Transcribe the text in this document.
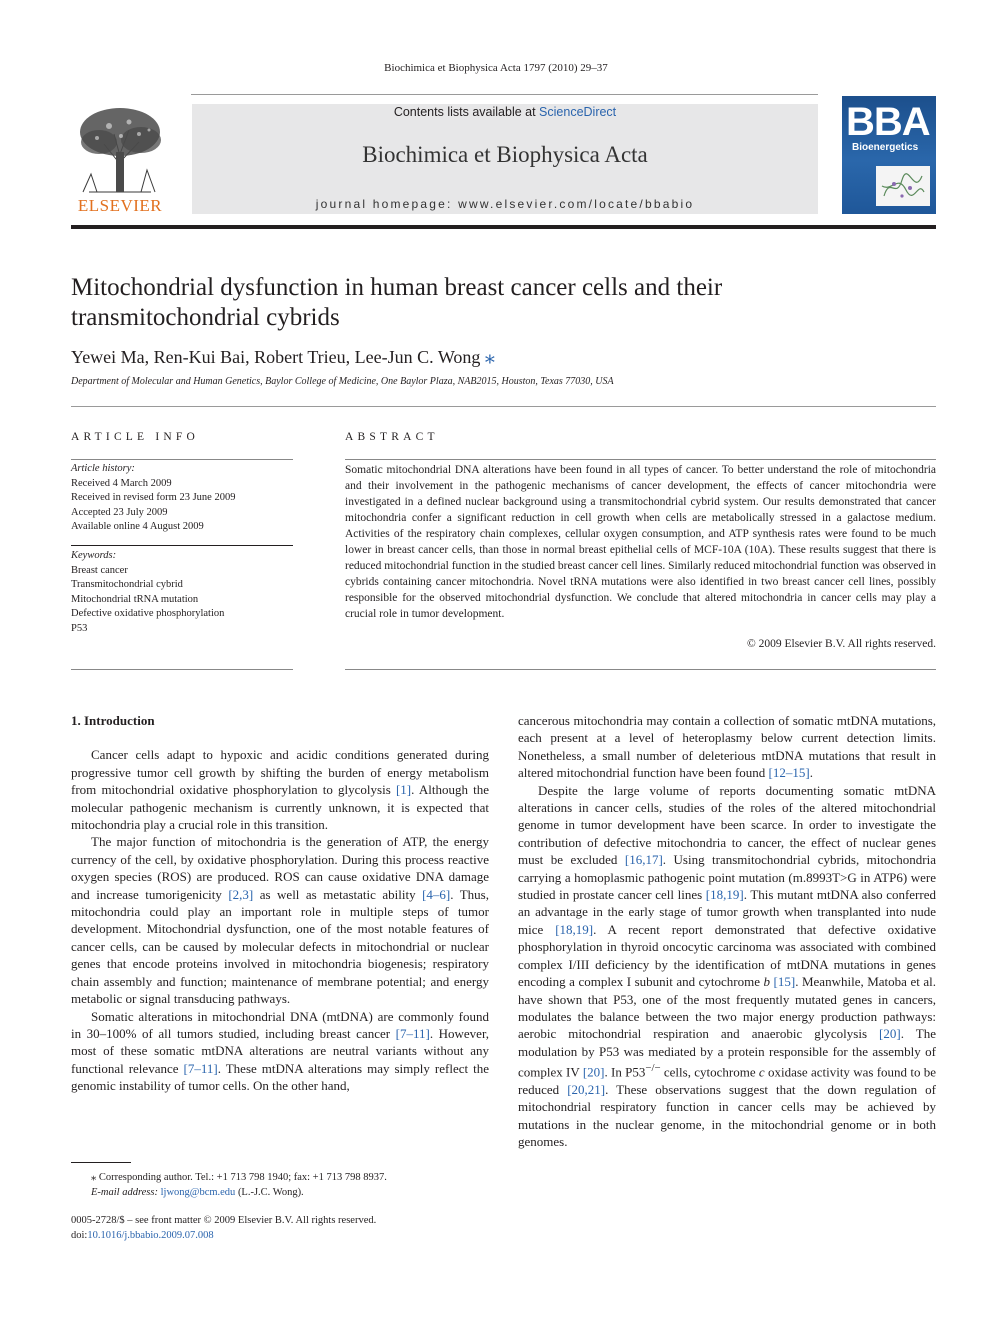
Biochimica et Biophysica Acta 1797 (2010) 29–37
ELSEVIER
Contents lists available at ScienceDirect
Biochimica et Biophysica Acta
journal homepage: www.elsevier.com/locate/bbabio
BBA
Bioenergetics
Mitochondrial dysfunction in human breast cancer cells and their transmitochondrial cybrids
Yewei Ma, Ren-Kui Bai, Robert Trieu, Lee-Jun C. Wong ⁎
Department of Molecular and Human Genetics, Baylor College of Medicine, One Baylor Plaza, NAB2015, Houston, Texas 77030, USA
ARTICLE INFO
Article history:
Received 4 March 2009
Received in revised form 23 June 2009
Accepted 23 July 2009
Available online 4 August 2009
Keywords:
Breast cancer
Transmitochondrial cybrid
Mitochondrial tRNA mutation
Defective oxidative phosphorylation
P53
ABSTRACT
Somatic mitochondrial DNA alterations have been found in all types of cancer. To better understand the role of mitochondria and their involvement in the pathogenic mechanisms of cancer development, the effects of cancer mitochondria were investigated in a defined nuclear background using a transmitochondrial cybrid system. Our results demonstrated that cancer mitochondria confer a significant reduction in cell growth when cells are metabolically stressed in a galactose medium. Activities of the respiratory chain complexes, cellular oxygen consumption, and ATP synthesis rates were found to be much lower in breast cancer cells, than those in normal breast epithelial cells of MCF-10A (10A). These results suggest that there is reduced mitochondrial function in the studied breast cancer cell lines. Similarly reduced mitochondrial function was observed in cybrids containing cancer mitochondria. Novel tRNA mutations were also identified in two breast cancer cell lines, possibly responsible for the observed mitochondrial dysfunction. We conclude that altered mitochondria in cancer cells may play a crucial role in tumor development.
© 2009 Elsevier B.V. All rights reserved.
1. Introduction

Cancer cells adapt to hypoxic and acidic conditions generated during progressive tumor cell growth by shifting the burden of energy metabolism from mitochondrial oxidative phosphorylation to glycolysis [1]. Although the molecular pathogenic mechanism is currently unknown, it is expected that mitochondria play a crucial role in this transition.

The major function of mitochondria is the generation of ATP, the energy currency of the cell, by oxidative phosphorylation. During this process reactive oxygen species (ROS) are produced. ROS can cause oxidative DNA damage and increase tumorigenicity [2,3] as well as metastatic ability [4–6]. Thus, mitochondria could play an important role in multiple steps of tumor development. Mitochondrial dysfunction, one of the most notable features of cancer cells, can be caused by molecular defects in mitochondrial or nuclear genes that encode proteins involved in mitochondria biogenesis; respiratory chain assembly and function; maintenance of membrane potential; and energy metabolic or signal transducing pathways.

Somatic alterations in mitochondrial DNA (mtDNA) are commonly found in 30–100% of all tumors studied, including breast cancer [7–11]. However, most of these somatic mtDNA alterations are neutral variants without any functional relevance [7–11]. These mtDNA alterations may simply reflect the genomic instability of tumor cells. On the other hand,

cancerous mitochondria may contain a collection of somatic mtDNA mutations, each present at a level of heteroplasmy below current detection limits. Nonetheless, a small number of deleterious mtDNA mutations that result in altered mitochondrial function have been found [12–15].

Despite the large volume of reports documenting somatic mtDNA alterations in cancer cells, studies of the roles of the altered mitochondrial genome in tumor development have been scarce. In order to investigate the contribution of defective mitochondria to cancer, the effect of nuclear genes must be excluded [16,17]. Using transmitochondrial cybrids, mitochondria carrying a homoplasmic pathogenic point mutation (m.8993T>G in ATP6) were studied in prostate cancer cell lines [18,19]. This mutant mtDNA also conferred an advantage in the early stage of tumor growth when transplanted into nude mice [18,19]. A recent report demonstrated that defective oxidative phosphorylation in thyroid oncocytic carcinoma was associated with combined complex I/III deficiency by the identification of mtDNA mutations in genes encoding a complex I subunit and cytochrome b [15]. Meanwhile, Matoba et al. have shown that P53, one of the most frequently mutated genes in cancers, modulates the balance between the two major energy production pathways: aerobic mitochondrial respiration and anaerobic glycolysis [20]. The modulation by P53 was mediated by a protein responsible for the assembly of complex IV [20]. In P53−/− cells, cytochrome c oxidase activity was found to be reduced [20,21]. These observations suggest that the down regulation of mitochondrial respiratory function in cancer cells may be achieved by mutations in the nuclear genome, in the mitochondrial genome or in both genomes.

⁎ Corresponding author. Tel.: +1 713 798 1940; fax: +1 713 798 8937.
E-mail address: ljwong@bcm.edu (L.-J.C. Wong).
0005-2728/$ – see front matter © 2009 Elsevier B.V. All rights reserved.
doi:10.1016/j.bbabio.2009.07.008
